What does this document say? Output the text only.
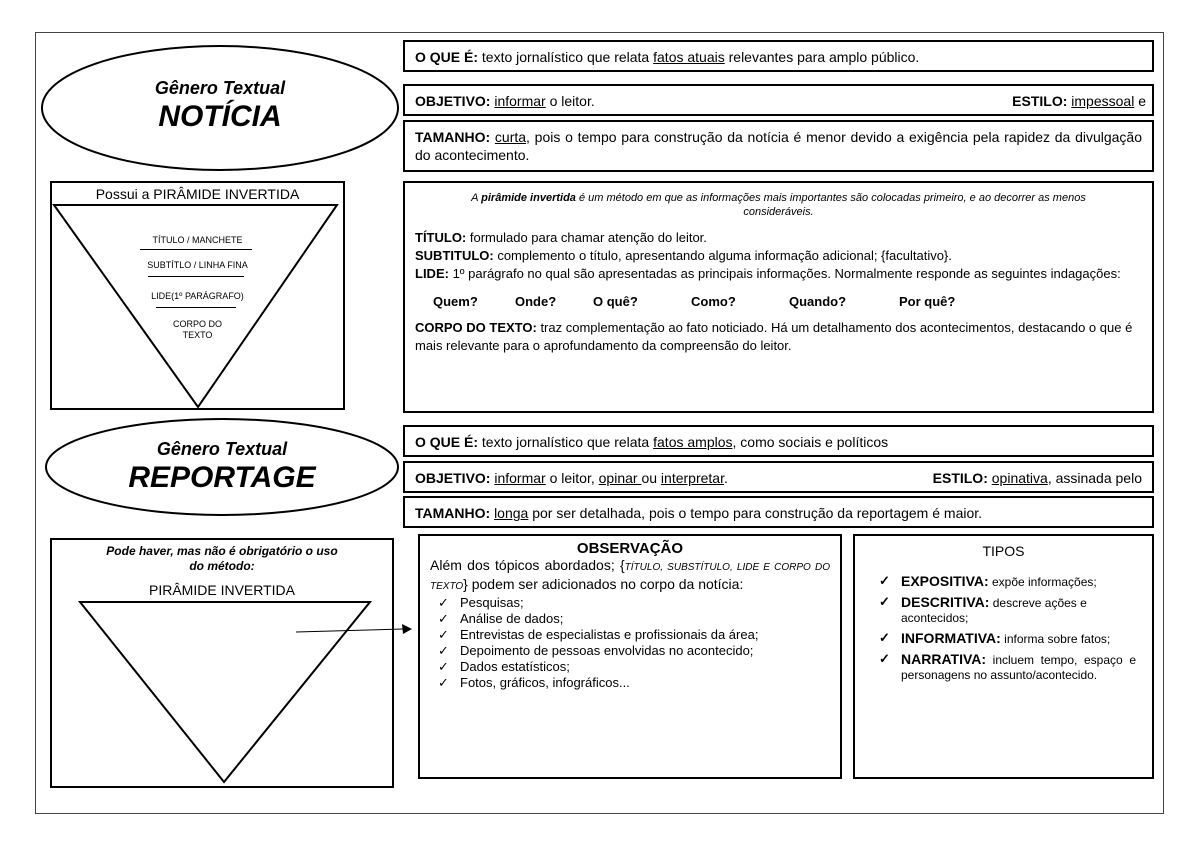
Gênero Textual
NOTÍCIA
O QUE É: texto jornalístico que relata fatos atuais relevantes para amplo público.
OBJETIVO: informar o leitor.	ESTILO: impessoal e
TAMANHO: curta, pois o tempo para construção da notícia é menor devido a exigência pela rapidez da divulgação do acontecimento.
Possui a PIRÂMIDE INVERTIDA
TÍTULO / MANCHETE
SUBTÍTLO / LINHA FINA
LIDE(1º PARÁGRAFO)
CORPO DO
TEXTO
A pirâmide invertida é um método em que as informações mais importantes são colocadas primeiro, e ao decorrer as menos consideráveis.
TÍTULO: formulado para chamar atenção do leitor.
SUBTITULO: complemento o título, apresentando alguma informação adicional; {facultativo}.
LIDE: 1º parágrafo no qual são apresentadas as principais informações. Normalmente responde as seguintes indagações:
Quem?	Onde?	O quê?	Como?	Quando?	Por quê?
CORPO DO TEXTO: traz complementação ao fato noticiado. Há um detalhamento dos acontecimentos, destacando o que é mais relevante para o aprofundamento da compreensão do leitor.
Gênero Textual
REPORTAGE
O QUE É: texto jornalístico que relata fatos amplos, como sociais e políticos
OBJETIVO: informar o leitor, opinar ou interpretar.	ESTILO: opinativa, assinada pelo
TAMANHO: longa por ser detalhada, pois o tempo para construção da reportagem é maior.
Pode haver, mas não é obrigatório o uso
do método:
PIRÂMIDE INVERTIDA
OBSERVAÇÃO
Além dos tópicos abordados; {TÍTULO, SUBSTÍTULO, LIDE E CORPO DO TEXTO} podem ser adicionados no corpo da notícia:
✓ Pesquisas;
✓ Análise de dados;
✓ Entrevistas de especialistas e profissionais da área;
✓ Depoimento de pessoas envolvidas no acontecido;
✓ Dados estatísticos;
✓ Fotos, gráficos, infográficos...
TIPOS
✓ EXPOSITIVA: expõe informações;
✓ DESCRITIVA: descreve ações e acontecidos;
✓ INFORMATIVA: informa sobre fatos;
✓ NARRATIVA: incluem tempo, espaço e personagens no assunto/acontecido.
